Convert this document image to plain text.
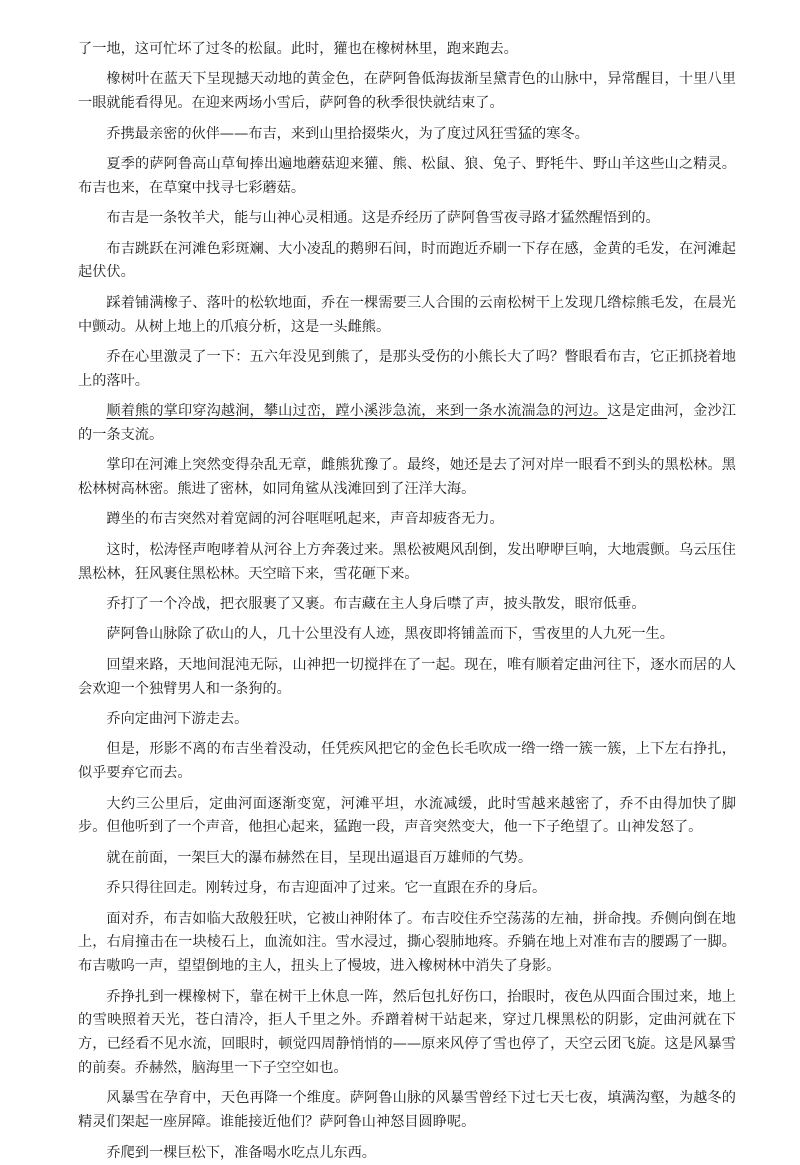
了一地，这可忙坏了过冬的松鼠。此时，獾也在橡树林里，跑来跑去。

橡树叶在蓝天下呈现撼天动地的黄金色，在萨阿鲁低海拔渐呈黛青色的山脉中，异常醒目，十里八里一眼就能看得见。在迎来两场小雪后，萨阿鲁的秋季很快就结束了。

乔携最亲密的伙伴——布吉，来到山里拾掇柴火，为了度过风狂雪猛的寒冬。

夏季的萨阿鲁高山草甸捧出遍地蘑菇迎来獾、熊、松鼠、狼、兔子、野牦牛、野山羊这些山之精灵。布吉也来，在草窠中找寻七彩蘑菇。

布吉是一条牧羊犬，能与山神心灵相通。这是乔经历了萨阿鲁雪夜寻路才猛然醒悟到的。

布吉跳跃在河滩色彩斑斓、大小凌乱的鹅卵石间，时而跑近乔刷一下存在感，金黄的毛发，在河滩起起伏伏。

踩着铺满橡子、落叶的松软地面，乔在一棵需要三人合围的云南松树干上发现几绺棕熊毛发，在晨光中颤动。从树上地上的爪痕分析，这是一头雌熊。

乔在心里激灵了一下：五六年没见到熊了，是那头受伤的小熊长大了吗？瞥眼看布吉，它正抓挠着地上的落叶。

顺着熊的掌印穿沟越涧，攀山过峦，蹚小溪涉急流，来到一条水流湍急的河边。这是定曲河，金沙江的一条支流。

掌印在河滩上突然变得杂乱无章，雌熊犹豫了。最终，她还是去了河对岸一眼看不到头的黑松林。黑松林树高林密。熊进了密林，如同角鲨从浅滩回到了汪洋大海。

蹲坐的布吉突然对着宽阔的河谷哐哐吼起来，声音却疲沓无力。

这时，松涛怪声咆哮着从河谷上方奔袭过来。黑松被飓风刮倒，发出咿咿巨响，大地震颤。乌云压住黑松林，狂风裹住黑松林。天空暗下来，雪花砸下来。

乔打了一个冷战，把衣服裹了又裹。布吉藏在主人身后噤了声，披头散发，眼帘低垂。

萨阿鲁山脉除了砍山的人，几十公里没有人迹，黑夜即将铺盖而下，雪夜里的人九死一生。

回望来路，天地间混沌无际，山神把一切搅拌在了一起。现在，唯有顺着定曲河往下，逐水而居的人会欢迎一个独臂男人和一条狗的。

乔向定曲河下游走去。

但是，形影不离的布吉坐着没动，任凭疾风把它的金色长毛吹成一绺一绺一簇一簇，上下左右挣扎，似乎要弃它而去。

大约三公里后，定曲河面逐渐变宽，河滩平坦，水流减缓，此时雪越来越密了，乔不由得加快了脚步。但他听到了一个声音，他担心起来，猛跑一段，声音突然变大，他一下子绝望了。山神发怒了。

就在前面，一架巨大的瀑布赫然在目，呈现出逼退百万雄师的气势。

乔只得往回走。刚转过身，布吉迎面冲了过来。它一直跟在乔的身后。

面对乔，布吉如临大敌般狂吠，它被山神附体了。布吉咬住乔空荡荡的左袖，拼命拽。乔侧向倒在地上，右肩撞击在一块棱石上，血流如注。雪水浸过，撕心裂肺地疼。乔躺在地上对准布吉的腰踢了一脚。布吉嗷呜一声，望望倒地的主人，扭头上了慢坡，进入橡树林中消失了身影。

乔挣扎到一棵橡树下，靠在树干上休息一阵，然后包扎好伤口，抬眼时，夜色从四面合围过来，地上的雪映照着天光，苍白清冷，拒人千里之外。乔蹭着树干站起来，穿过几棵黑松的阴影，定曲河就在下方，已经看不见水流，回眼时，顿觉四周静悄悄的——原来风停了雪也停了，天空云团飞旋。这是风暴雪的前奏。乔赫然，脑海里一下子空空如也。

风暴雪在孕育中，天色再降一个维度。萨阿鲁山脉的风暴雪曾经下过七天七夜，填满沟壑，为越冬的精灵们架起一座屏障。谁能接近他们？萨阿鲁山神怒目圆睁呢。

乔爬到一棵巨松下，准备喝水吃点儿东西。
